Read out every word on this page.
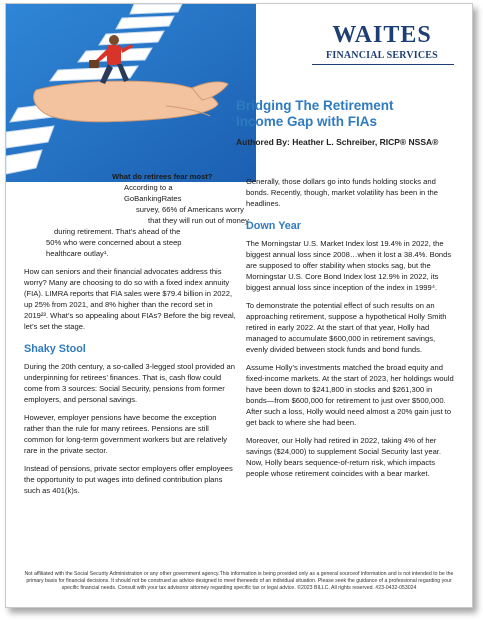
WAITES
FINANCIAL SERVICES
Bridging The Retirement
Income Gap with FIAs
Authored By: Heather L. Schreiber, RICP® NSSA®
What do retirees fear most?
According to a GoBankingRates
survey, 66% of Americans worry
that they will run out of money
during retirement. That’s ahead of the
50% who were concerned about a steep
healthcare outlay¹.

How can seniors and their financial advocates address this worry? Many are choosing to do so with a fixed index annuity (FIA). LIMRA reports that FIA sales were $79.4 billion in 2022, up 25% from 2021, and 8% higher than the record set in 2019²³. What’s so appealing about FIAs? Before the big reveal, let’s set the stage.

Shaky Stool

During the 20th century, a so-called 3-legged stool provided an underpinning for retirees’ finances. That is, cash flow could come from 3 sources: Social Security, pensions from former employers, and personal savings.

However, employer pensions have become the exception rather than the rule for many retirees. Pensions are still common for long-term government workers but are relatively rare in the private sector.

Instead of pensions, private sector employers offer employees the opportunity to put wages into defined contribution plans such as 401(k)s.

Generally, those dollars go into funds holding stocks and bonds. Recently, though, market volatility has been in the headlines.

Down Year

The Morningstar U.S. Market Index lost 19.4% in 2022, the biggest annual loss since 2008…when it lost a 38.4%. Bonds are supposed to offer stability when stocks sag, but the Morningstar U.S. Core Bond Index lost 12.9% in 2022, its biggest annual loss since inception of the index in 1999⁴.

To demonstrate the potential effect of such results on an approaching retirement, suppose a hypothetical Holly Smith retired in early 2022. At the start of that year, Holly had managed to accumulate $600,000 in retirement savings, evenly divided between stock funds and bond funds.

Assume Holly’s investments matched the broad equity and fixed-income markets. At the start of 2023, her holdings would have been down to $241,800 in stocks and $261,300 in bonds—from $600,000 for retirement to just over $500,000. After such a loss, Holly would need almost a 20% gain just to get back to where she had been.

Moreover, our Holly had retired in 2022, taking 4% of her savings ($24,000) to supplement Social Security last year. Now, Holly bears sequence-of-return risk, which impacts people whose retirement coincides with a bear market.

Not affiliated with the Social Security Administration or any other government agency.This information is being provided only as a general sourceof information and is not intended to be the primary basis for financial decisions. It should not be construed as advice designed to meet theneeds of an individual situation. Please seek the guidance of a professional regarding your specific financial needs. Consult with your tax advisoror attorney regarding specific tax or legal advice. ©2023 BILLC. All rights reserved. #23-0432-053024
